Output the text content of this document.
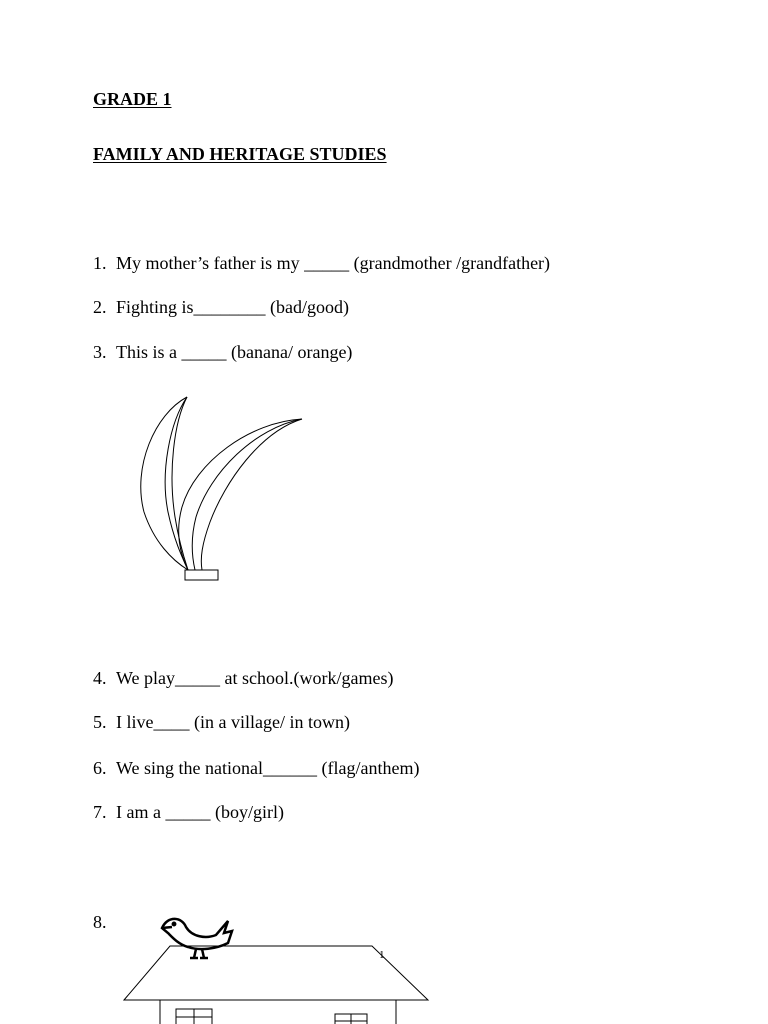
GRADE 1
FAMILY AND HERITAGE STUDIES
1. My mother’s father is my _____ (grandmother /grandfather)
2. Fighting is________ (bad/good)
3. This is a _____ (banana/ orange)
4. We play_____ at school.(work/games)
5. I live____ (in a village/ in town)
6. We sing the national______ (flag/anthem)
7. I am a _____ (boy/girl)
8.
1
